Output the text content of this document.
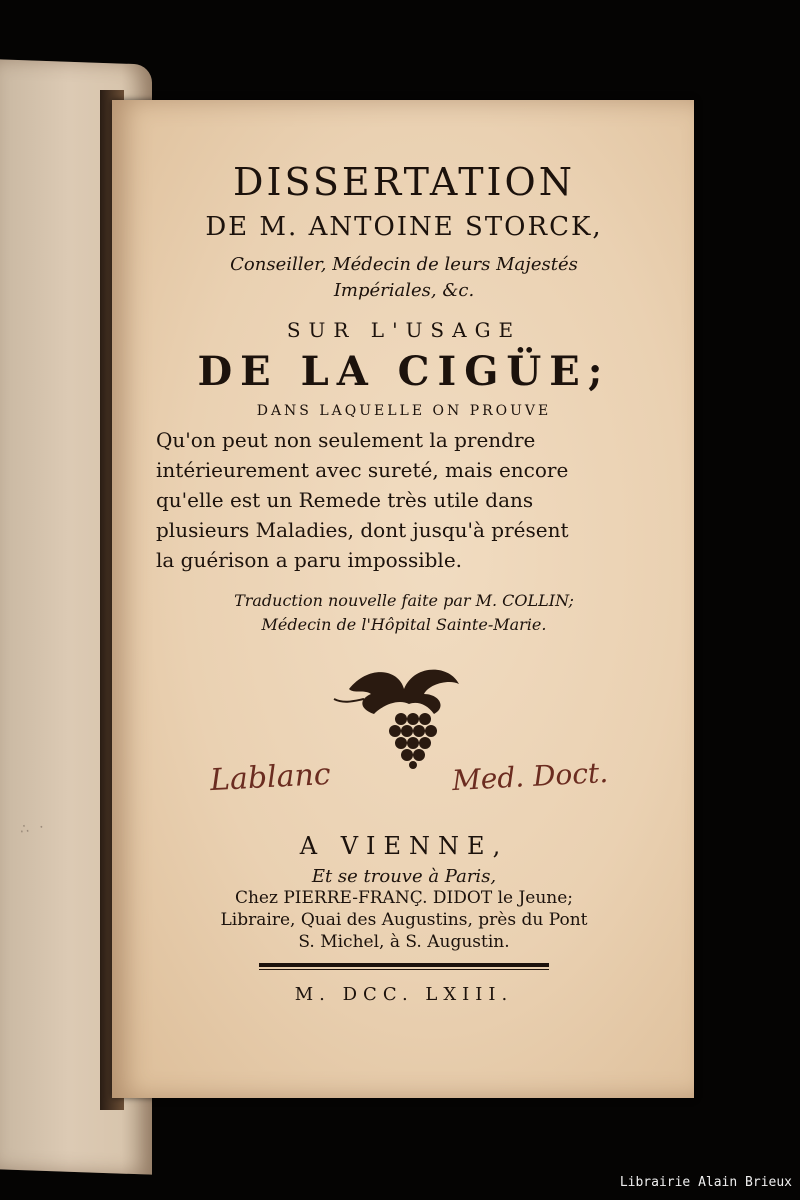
∴ ·
DISSERTATION
DE M. ANTOINE STORCK,
Conseiller, Médecin de leurs Majestés
Impériales, &c.
SUR L'USAGE
DE LA CIGÜE;
DANS LAQUELLE ON PROUVE
Qu'on peut non seulement la prendre
intérieurement avec sureté, mais encore
qu'elle est un Remede très utile dans
plusieurs Maladies, dont jusqu'à présent
la guérison a paru impossible.
Traduction nouvelle faite par M. COLLIN;
Médecin de l'Hôpital Sainte-Marie.
Lablanc	Med. Doct.
A VIENNE,
Et se trouve à Paris,
Chez PIERRE-FRANÇ. DIDOT le Jeune;
Libraire, Quai des Augustins, près du Pont
S. Michel, à S. Augustin.
M. DCC. LXIII.
Librairie Alain Brieux
